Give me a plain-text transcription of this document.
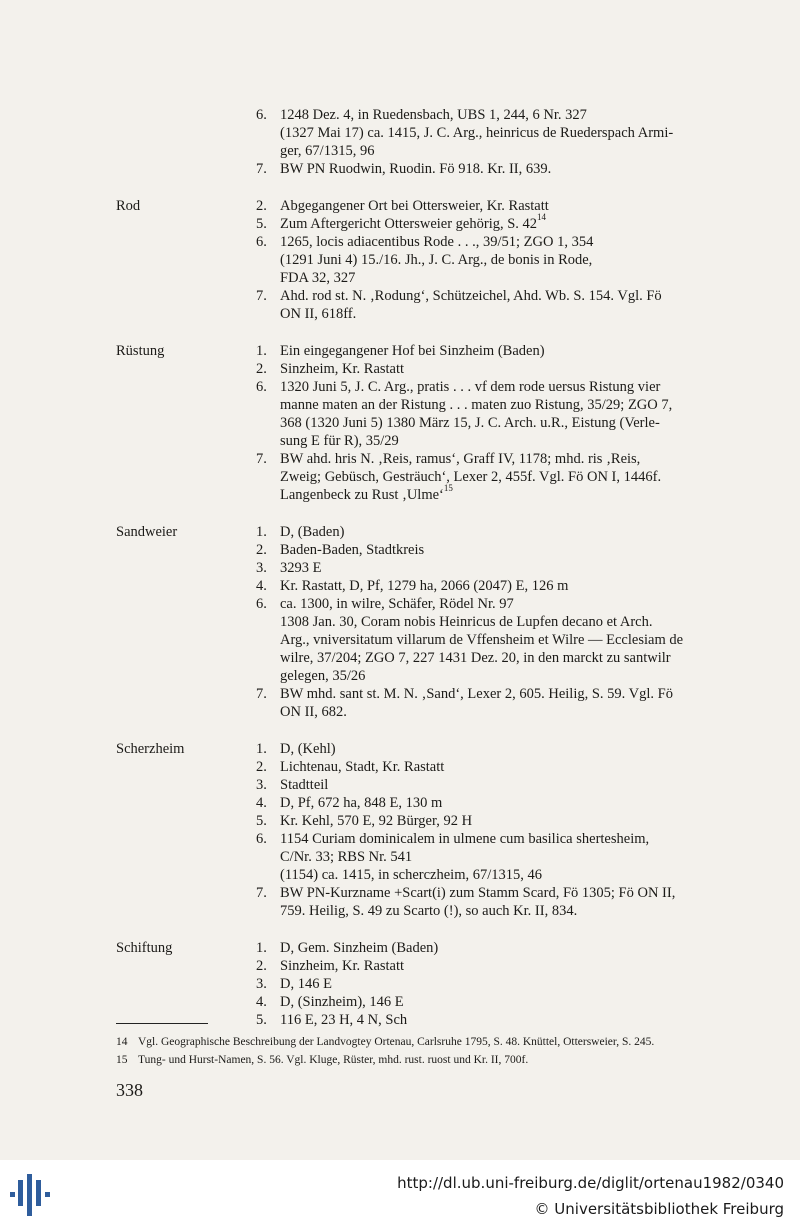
6. 1248 Dez. 4, in Ruedensbach, UBS 1, 244, 6 Nr. 327
(1327 Mai 17) ca. 1415, J. C. Arg., heinricus de Ruederspach Armi-
ger, 67/1315, 96
7. BW PN Ruodwin, Ruodin. Fö 918. Kr. II, 639.
Rod	2. Abgegangener Ort bei Ottersweier, Kr. Rastatt
5. Zum Aftergericht Ottersweier gehörig, S. $42^{14}$
6. 1265, locis adiacentibus Rode . . ., 39/51; ZGO 1, 354
(1291 Juni 4) 15./16. Jh., J. C. Arg., de bonis in Rode,
FDA 32, 327
7. Ahd. rod st. N. ‚Rodung‘, Schützeichel, Ahd. Wb. S. 154. Vgl. Fö
ON II, 618ff.
Rüstung	1. Ein eingegangener Hof bei Sinzheim (Baden)
2. Sinzheim, Kr. Rastatt
6. 1320 Juni 5, J. C. Arg., pratis . . . vf dem rode uersus Ristung vier
manne maten an der Ristung . . . maten zuo Ristung, 35/29; ZGO 7,
368 (1320 Juni 5) 1380 März 15, J. C. Arch. u.R., Eistung (Verle-
sung E für R), 35/29
7. BW ahd. hris N. ‚Reis, ramus‘, Graff IV, 1178; mhd. ris ‚Reis,
Zweig; Gebüsch, Gesträuch‘, Lexer 2, 455f. Vgl. Fö ON I, 1446f.
Langenbeck zu Rust ‚Ulme‘$^{15}$
Sandweier	1. D, (Baden)
2. Baden-Baden, Stadtkreis
3. 3293 E
4. Kr. Rastatt, D, Pf, 1279 ha, 2066 (2047) E, 126 m
6. ca. 1300, in wilre, Schäfer, Rödel Nr. 97
1308 Jan. 30, Coram nobis Heinricus de Lupfen decano et Arch.
Arg., vniversitatum villarum de Vffensheim et Wilre — Ecclesiam de
wilre, 37/204; ZGO 7, 227 1431 Dez. 20, in den marckt zu santwilr
gelegen, 35/26
7. BW mhd. sant st. M. N. ‚Sand‘, Lexer 2, 605. Heilig, S. 59. Vgl. Fö
ON II, 682.
Scherzheim	1. D, (Kehl)
2. Lichtenau, Stadt, Kr. Rastatt
3. Stadtteil
4. D, Pf, 672 ha, 848 E, 130 m
5. Kr. Kehl, 570 E, 92 Bürger, 92 H
6. 1154 Curiam dominicalem in ulmene cum basilica shertesheim,
C/Nr. 33; RBS Nr. 541
(1154) ca. 1415, in scherczheim, 67/1315, 46
7. BW PN-Kurzname +Scart(i) zum Stamm Scard, Fö 1305; Fö ON II,
759. Heilig, S. 49 zu Scarto (!), so auch Kr. II, 834.
Schiftung	1. D, Gem. Sinzheim (Baden)
2. Sinzheim, Kr. Rastatt
3. D, 146 E
4. D, (Sinzheim), 146 E
5. 116 E, 23 H, 4 N, Sch
14 Vgl. Geographische Beschreibung der Landvogtey Ortenau, Carlsruhe 1795, S. 48. Knüttel, Ottersweier, S. 245.
15 Tung- und Hurst-Namen, S. 56. Vgl. Kluge, Rüster, mhd. rust. ruost und Kr. II, 700f.
338
http://dl.ub.uni-freiburg.de/diglit/ortenau1982/0340
© Universitätsbibliothek Freiburg
